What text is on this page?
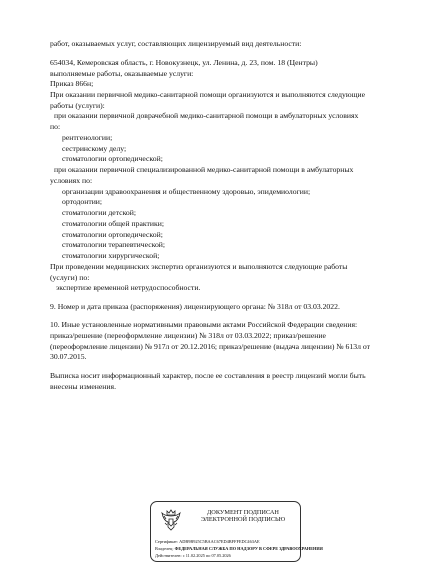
работ, оказываемых услуг, составляющих лицензируемый вид деятельности:
654034, Кемеровская область, г. Новокузнецк, ул. Ленина, д. 23, пом. 18 (Центры)
выполняемые работы, оказываемые услуги:
Приказ 866н;
При оказании первичной медико-санитарной помощи организуются и выполняются следующие
работы (услуги):
при оказании первичной доврачебной медико-санитарной помощи в амбулаторных условиях
по:
рентгенологии;
сестринскому делу;
стоматологии ортопедической;
при оказании первичной специализированной медико-санитарной помощи в амбулаторных
условиях по:
организации здравоохранения и общественному здоровью, эпидемиологии;
ортодонтии;
стоматологии детской;
стоматологии общей практики;
стоматологии ортопедической;
стоматологии терапевтической;
стоматологии хирургической;
При проведении медицинских экспертиз организуются и выполняются следующие работы
(услуги) по:
экспертизе временной нетрудоспособности.
9. Номер и дата приказа (распоряжения) лицензирующего органа: № 318л от 03.03.2022.
10. Иные установленные нормативными правовыми актами Российской Федерации сведения:
приказ/решение (переоформление лицензии) № 318л от 03.03.2022; приказ/решение
(переоформление лицензии) № 917л от 20.12.2016; приказ/решение (выдача лицензии) № 613л от
30.07.2015.
Выписка носит информационный характер, после ее составления в реестр лицензий могли быть
внесены изменения.
ДОКУМЕНТ ПОДПИСАН
ЭЛЕКТРОННОЙ ПОДПИСЬЮ
Сертификат: ADB9B925C5BAAC67ED4BFFFEDC463AE
Владелец: ФЕДЕРАЛЬНАЯ СЛУЖБА ПО НАДЗОРУ В СФЕРЕ ЗДРАВООХРАНЕНИЯ
Действителен: с 11.02.2025 по 07.05.2026
